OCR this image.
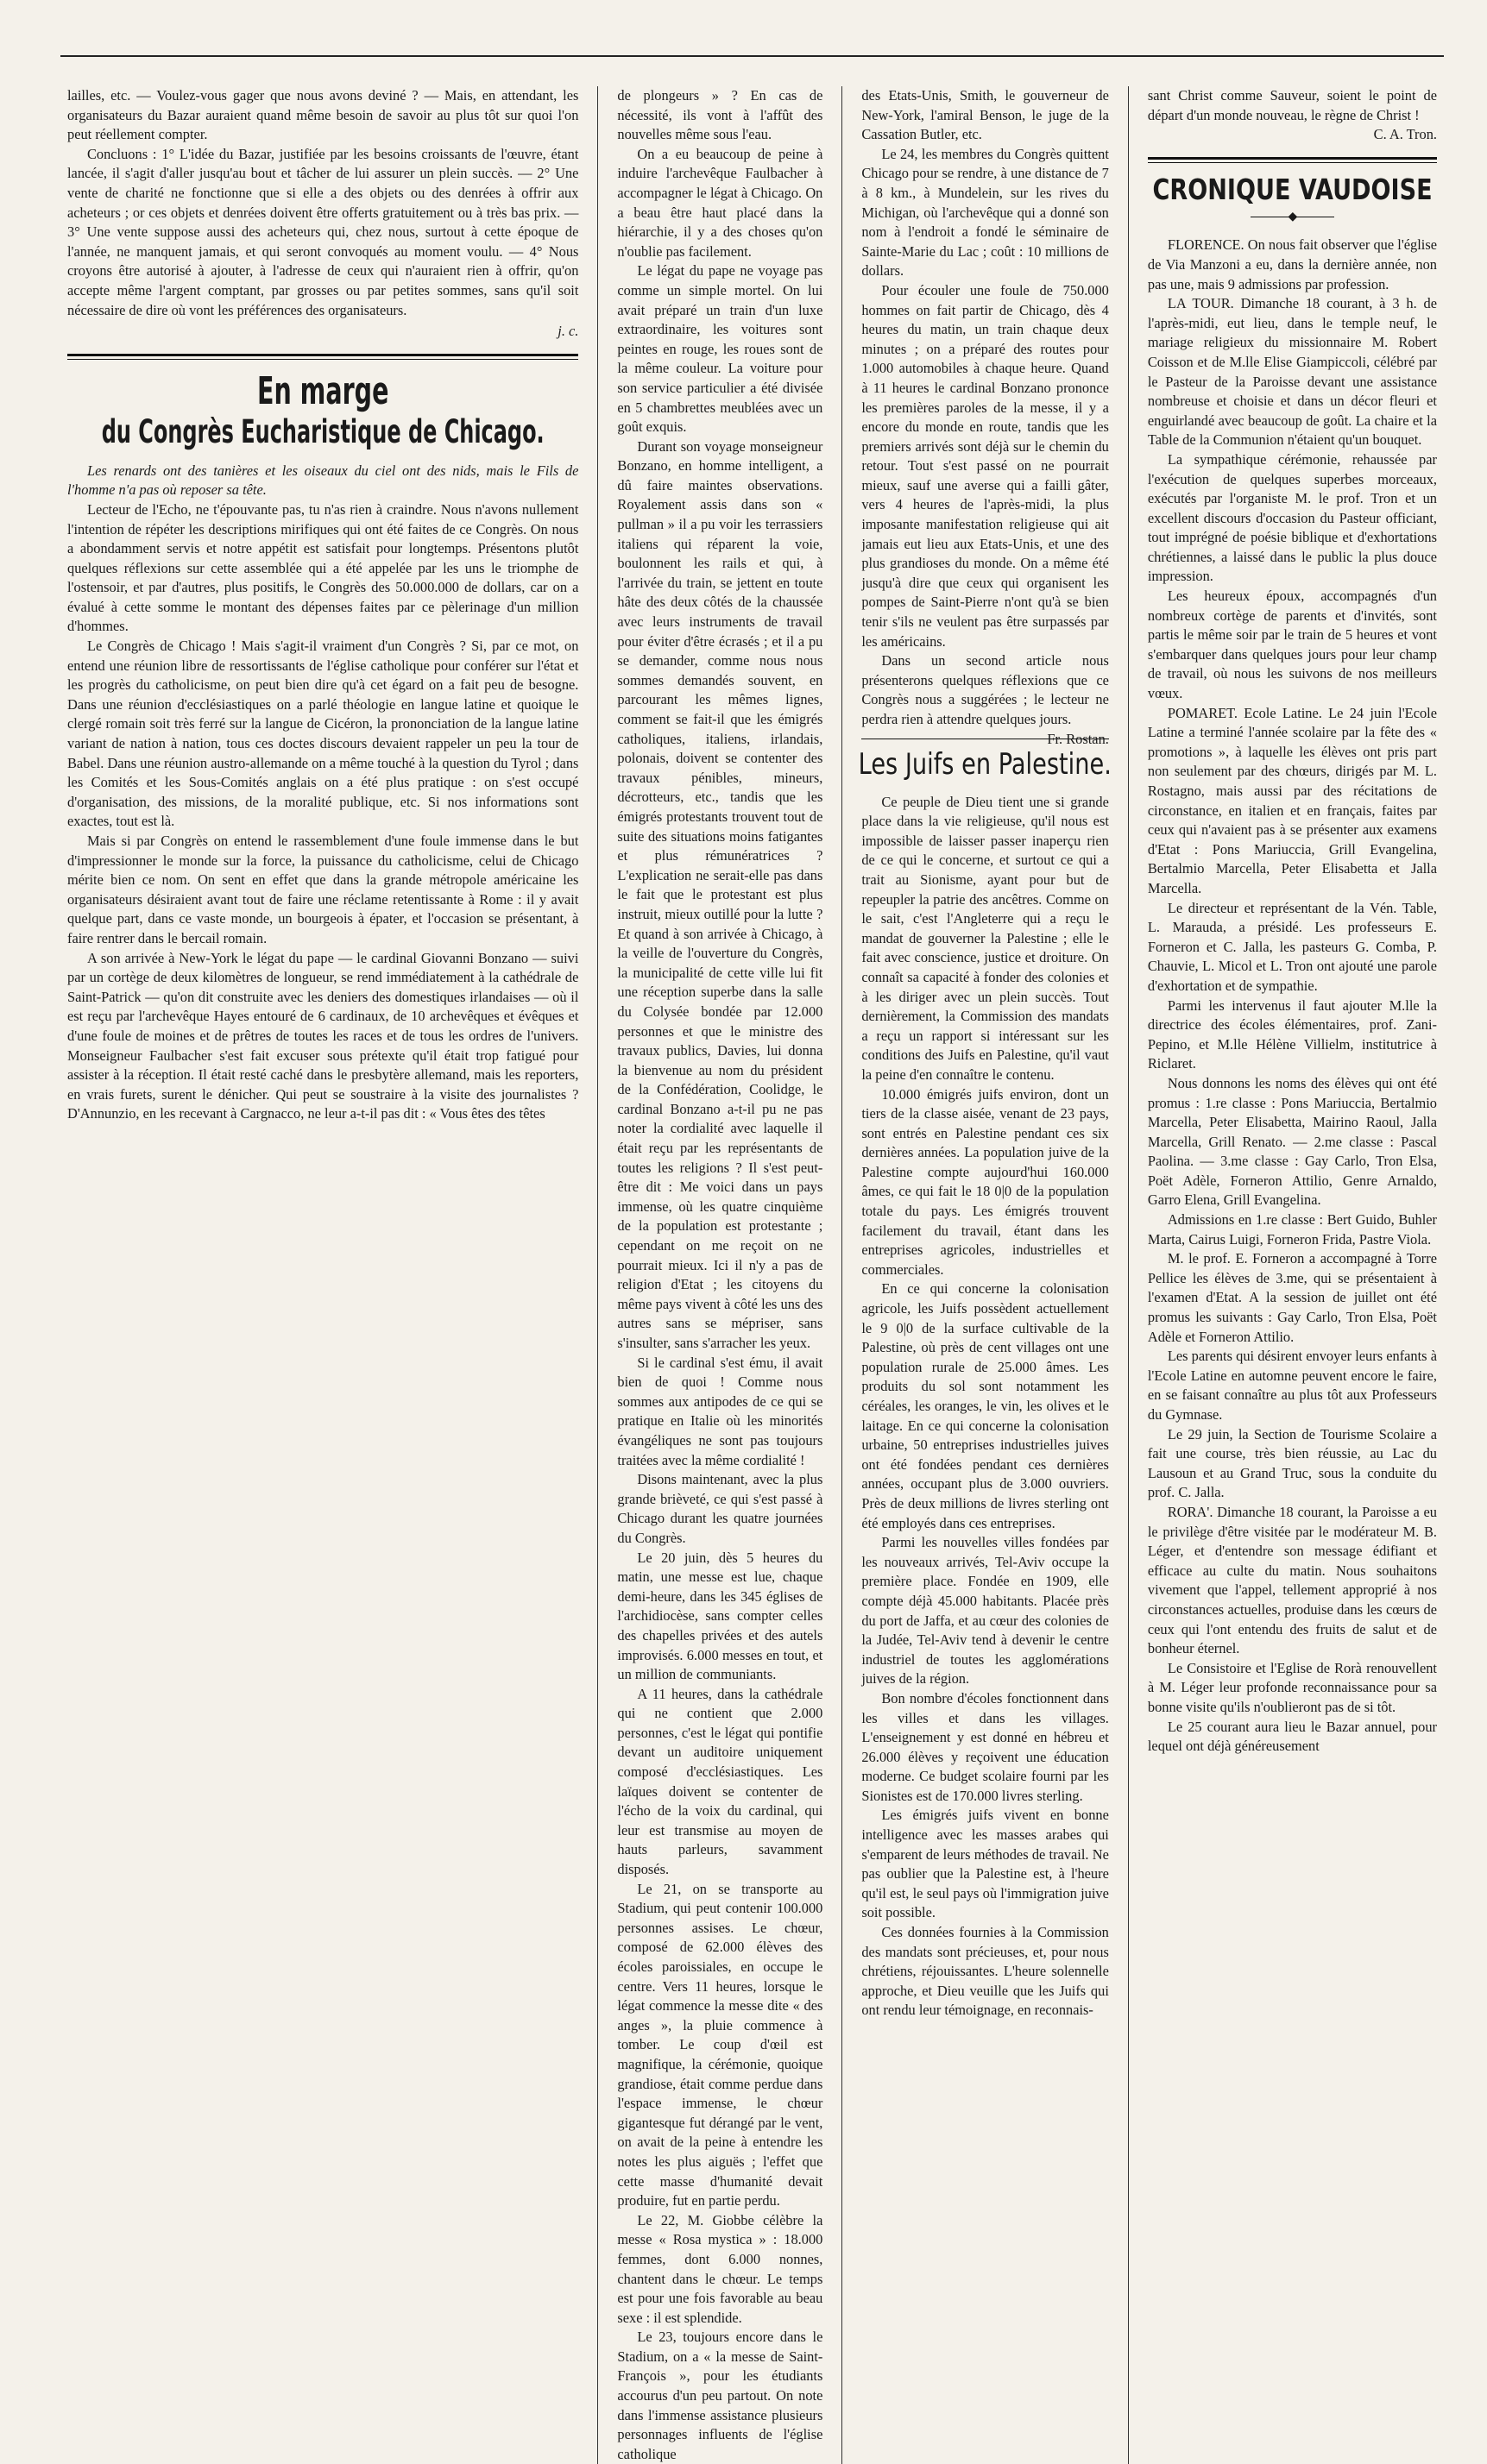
lailles, etc. — Voulez-vous gager que nous avons deviné ? — Mais, en attendant, les organisateurs du Bazar auraient quand même besoin de savoir au plus tôt sur quoi l'on peut réellement compter.

Concluons : 1° L'idée du Bazar, justifiée par les besoins croissants de l'œuvre, étant lancée, il s'agit d'aller jusqu'au bout et tâcher de lui assurer un plein succès. — 2° Une vente de charité ne fonctionne que si elle a des objets ou des denrées à offrir aux acheteurs ; or ces objets et denrées doivent être offerts gratuitement ou à très bas prix. — 3° Une vente suppose aussi des acheteurs qui, chez nous, surtout à cette époque de l'année, ne manquent jamais, et qui seront convoqués au moment voulu. — 4° Nous croyons être autorisé à ajouter, à l'adresse de ceux qui n'auraient rien à offrir, qu'on accepte même l'argent comptant, par grosses ou par petites sommes, sans qu'il soit nécessaire de dire où vont les préférences des organisateurs.

j. c.
En marge
du Congrès Eucharistique de Chicago.

Les renards ont des tanières et les oiseaux du ciel ont des nids, mais le Fils de l'homme n'a pas où reposer sa tête.

Lecteur de l'Echo, ne t'épouvante pas, tu n'as rien à craindre. Nous n'avons nullement l'intention de répéter les descriptions mirifiques qui ont été faites de ce Congrès. On nous a abondamment servis et notre appétit est satisfait pour longtemps. Présentons plutôt quelques réflexions sur cette assemblée qui a été appelée par les uns le triomphe de l'ostensoir, et par d'autres, plus positifs, le Congrès des 50.000.000 de dollars, car on a évalué à cette somme le montant des dépenses faites par ce pèlerinage d'un million d'hommes.

Le Congrès de Chicago ! Mais s'agit-il vraiment d'un Congrès ? Si, par ce mot, on entend une réunion libre de ressortissants de l'église catholique pour conférer sur l'état et les progrès du catholicisme, on peut bien dire qu'à cet égard on a fait peu de besogne. Dans une réunion d'ecclésiastiques on a parlé théologie en langue latine et quoique le clergé romain soit très ferré sur la langue de Cicéron, la prononciation de la langue latine variant de nation à nation, tous ces doctes discours devaient rappeler un peu la tour de Babel. Dans une réunion austro-allemande on a même touché à la question du Tyrol ; dans les Comités et les Sous-Comités anglais on a été plus pratique : on s'est occupé d'organisation, des missions, de la moralité publique, etc. Si nos informations sont exactes, tout est là.

Mais si par Congrès on entend le rassemblement d'une foule immense dans le but d'impressionner le monde sur la force, la puissance du catholicisme, celui de Chicago mérite bien ce nom. On sent en effet que dans la grande métropole américaine les organisateurs désiraient avant tout de faire une réclame retentissante à Rome : il y avait quelque part, dans ce vaste monde, un bourgeois à épater, et l'occasion se présentant, à faire rentrer dans le bercail romain.

A son arrivée à New-York le légat du pape — le cardinal Giovanni Bonzano — suivi par un cortège de deux kilomètres de longueur, se rend immédiatement à la cathédrale de Saint-Patrick — qu'on dit construite avec les deniers des domestiques irlandaises — où il est reçu par l'archevêque Hayes entouré de 6 cardinaux, de 10 archevêques et évêques et d'une foule de moines et de prêtres de toutes les races et de tous les ordres de l'univers. Monseigneur Faulbacher s'est fait excuser sous prétexte qu'il était trop fatigué pour assister à la réception. Il était resté caché dans le presbytère allemand, mais les reporters, en vrais furets, surent le dénicher. Qui peut se soustraire à la visite des journalistes ? D'Annunzio, en les recevant à Cargnacco, ne leur a-t-il pas dit : « Vous êtes des têtes

de plongeurs » ? En cas de nécessité, ils vont à l'affût des nouvelles même sous l'eau.

On a eu beaucoup de peine à induire l'archevêque Faulbacher à accompagner le légat à Chicago. On a beau être haut placé dans la hiérarchie, il y a des choses qu'on n'oublie pas facilement.

Le légat du pape ne voyage pas comme un simple mortel. On lui avait préparé un train d'un luxe extraordinaire, les voitures sont peintes en rouge, les roues sont de la même couleur. La voiture pour son service particulier a été divisée en 5 chambrettes meublées avec un goût exquis.

Durant son voyage monseigneur Bonzano, en homme intelligent, a dû faire maintes observations. Royalement assis dans son « pullman » il a pu voir les terrassiers italiens qui réparent la voie, boulonnent les rails et qui, à l'arrivée du train, se jettent en toute hâte des deux côtés de la chaussée avec leurs instruments de travail pour éviter d'être écrasés ; et il a pu se demander, comme nous nous sommes demandés souvent, en parcourant les mêmes lignes, comment se fait-il que les émigrés catholiques, italiens, irlandais, polonais, doivent se contenter des travaux pénibles, mineurs, décrotteurs, etc., tandis que les émigrés protestants trouvent tout de suite des situations moins fatigantes et plus rémunératrices ? L'explication ne serait-elle pas dans le fait que le protestant est plus instruit, mieux outillé pour la lutte ? Et quand à son arrivée à Chicago, à la veille de l'ouverture du Congrès, la municipalité de cette ville lui fit une réception superbe dans la salle du Colysée bondée par 12.000 personnes et que le ministre des travaux publics, Davies, lui donna la bienvenue au nom du président de la Confédération, Coolidge, le cardinal Bonzano a-t-il pu ne pas noter la cordialité avec laquelle il était reçu par les représentants de toutes les religions ? Il s'est peut-être dit : Me voici dans un pays immense, où les quatre cinquième de la population est protestante ; cependant on me reçoit on ne pourrait mieux. Ici il n'y a pas de religion d'Etat ; les citoyens du même pays vivent à côté les uns des autres sans se mépriser, sans s'insulter, sans s'arracher les yeux.

Si le cardinal s'est ému, il avait bien de quoi ! Comme nous sommes aux antipodes de ce qui se pratique en Italie où les minorités évangéliques ne sont pas toujours traitées avec la même cordialité !

Disons maintenant, avec la plus grande brièveté, ce qui s'est passé à Chicago durant les quatre journées du Congrès.

Le 20 juin, dès 5 heures du matin, une messe est lue, chaque demi-heure, dans les 345 églises de l'archidiocèse, sans compter celles des chapelles privées et des autels improvisés. 6.000 messes en tout, et un million de communiants.

A 11 heures, dans la cathédrale qui ne contient que 2.000 personnes, c'est le légat qui pontifie devant un auditoire uniquement composé d'ecclésiastiques. Les laïques doivent se contenter de l'écho de la voix du cardinal, qui leur est transmise au moyen de hauts parleurs, savamment disposés.

Le 21, on se transporte au Stadium, qui peut contenir 100.000 personnes assises. Le chœur, composé de 62.000 élèves des écoles paroissiales, en occupe le centre. Vers 11 heures, lorsque le légat commence la messe dite « des anges », la pluie commence à tomber. Le coup d'œil est magnifique, la cérémonie, quoique grandiose, était comme perdue dans l'espace immense, le chœur gigantesque fut dérangé par le vent, on avait de la peine à entendre les notes les plus aiguës ; l'effet que cette masse d'humanité devait produire, fut en partie perdu.

Le 22, M. Giobbe célèbre la messe « Rosa mystica » : 18.000 femmes, dont 6.000 nonnes, chantent dans le chœur. Le temps est pour une fois favorable au beau sexe : il est splendide.

Le 23, toujours encore dans le Stadium, on a « la messe de Saint-François », pour les étudiants accourus d'un peu partout. On note dans l'immense assistance plusieurs personnages influents de l'église catholique

des Etats-Unis, Smith, le gouverneur de New-York, l'amiral Benson, le juge de la Cassation Butler, etc.

Le 24, les membres du Congrès quittent Chicago pour se rendre, à une distance de 7 à 8 km., à Mundelein, sur les rives du Michigan, où l'archevêque qui a donné son nom à l'endroit a fondé le séminaire de Sainte-Marie du Lac ; coût : 10 millions de dollars.

Pour écouler une foule de 750.000 hommes on fait partir de Chicago, dès 4 heures du matin, un train chaque deux minutes ; on a préparé des routes pour 1.000 automobiles à chaque heure. Quand à 11 heures le cardinal Bonzano prononce les premières paroles de la messe, il y a encore du monde en route, tandis que les premiers arrivés sont déjà sur le chemin du retour. Tout s'est passé on ne pourrait mieux, sauf une averse qui a failli gâter, vers 4 heures de l'après-midi, la plus imposante manifestation religieuse qui ait jamais eut lieu aux Etats-Unis, et une des plus grandioses du monde. On a même été jusqu'à dire que ceux qui organisent les pompes de Saint-Pierre n'ont qu'à se bien tenir s'ils ne veulent pas être surpassés par les américains.

Dans un second article nous présenterons quelques réflexions que ce Congrès nous a suggérées ; le lecteur ne perdra rien à attendre quelques jours.
Fr. Rostan.

Les Juifs en Palestine.

Ce peuple de Dieu tient une si grande place dans la vie religieuse, qu'il nous est impossible de laisser passer inaperçu rien de ce qui le concerne, et surtout ce qui a trait au Sionisme, ayant pour but de repeupler la patrie des ancêtres. Comme on le sait, c'est l'Angleterre qui a reçu le mandat de gouverner la Palestine ; elle le fait avec conscience, justice et droiture. On connaît sa capacité à fonder des colonies et à les diriger avec un plein succès. Tout dernièrement, la Commission des mandats a reçu un rapport si intéressant sur les conditions des Juifs en Palestine, qu'il vaut la peine d'en connaître le contenu.

10.000 émigrés juifs environ, dont un tiers de la classe aisée, venant de 23 pays, sont entrés en Palestine pendant ces six dernières années. La population juive de la Palestine compte aujourd'hui 160.000 âmes, ce qui fait le 18 0|0 de la population totale du pays. Les émigrés trouvent facilement du travail, étant dans les entreprises agricoles, industrielles et commerciales.

En ce qui concerne la colonisation agricole, les Juifs possèdent actuellement le 9 0|0 de la surface cultivable de la Palestine, où près de cent villages ont une population rurale de 25.000 âmes. Les produits du sol sont notamment les céréales, les oranges, le vin, les olives et le laitage. En ce qui concerne la colonisation urbaine, 50 entreprises industrielles juives ont été fondées pendant ces dernières années, occupant plus de 3.000 ouvriers. Près de deux millions de livres sterling ont été employés dans ces entreprises.

Parmi les nouvelles villes fondées par les nouveaux arrivés, Tel-Aviv occupe la première place. Fondée en 1909, elle compte déjà 45.000 habitants. Placée près du port de Jaffa, et au cœur des colonies de la Judée, Tel-Aviv tend à devenir le centre industriel de toutes les agglomérations juives de la région.

Bon nombre d'écoles fonctionnent dans les villes et dans les villages. L'enseignement y est donné en hébreu et 26.000 élèves y reçoivent une éducation moderne. Ce budget scolaire fourni par les Sionistes est de 170.000 livres sterling.

Les émigrés juifs vivent en bonne intelligence avec les masses arabes qui s'emparent de leurs méthodes de travail. Ne pas oublier que la Palestine est, à l'heure qu'il est, le seul pays où l'immigration juive soit possible.

Ces données fournies à la Commission des mandats sont précieuses, et, pour nous chrétiens, réjouissantes. L'heure solennelle approche, et Dieu veuille que les Juifs qui ont rendu leur témoignage, en reconnais-

sant Christ comme Sauveur, soient le point de départ d'un monde nouveau, le règne de Christ !
C. A. Tron.

CRONIQUE VAUDOISE
◆

FLORENCE. On nous fait observer que l'église de Via Manzoni a eu, dans la dernière année, non pas une, mais 9 admissions par profession.

LA TOUR. Dimanche 18 courant, à 3 h. de l'après-midi, eut lieu, dans le temple neuf, le mariage religieux du missionnaire M. Robert Coisson et de M.lle Elise Giampiccoli, célébré par le Pasteur de la Paroisse devant une assistance nombreuse et choisie et dans un décor fleuri et enguirlandé avec beaucoup de goût. La chaire et la Table de la Communion n'étaient qu'un bouquet.

La sympathique cérémonie, rehaussée par l'exécution de quelques superbes morceaux, exécutés par l'organiste M. le prof. Tron et un excellent discours d'occasion du Pasteur officiant, tout imprégné de poésie biblique et d'exhortations chrétiennes, a laissé dans le public la plus douce impression.

Les heureux époux, accompagnés d'un nombreux cortège de parents et d'invités, sont partis le même soir par le train de 5 heures et vont s'embarquer dans quelques jours pour leur champ de travail, où nous les suivons de nos meilleurs vœux.

POMARET. Ecole Latine. Le 24 juin l'Ecole Latine a terminé l'année scolaire par la fête des « promotions », à laquelle les élèves ont pris part non seulement par des chœurs, dirigés par M. L. Rostagno, mais aussi par des récitations de circonstance, en italien et en français, faites par ceux qui n'avaient pas à se présenter aux examens d'Etat : Pons Mariuccia, Grill Evangelina, Bertalmio Marcella, Peter Elisabetta et Jalla Marcella.

Le directeur et représentant de la Vén. Table, L. Marauda, a présidé. Les professeurs E. Forneron et C. Jalla, les pasteurs G. Comba, P. Chauvie, L. Micol et L. Tron ont ajouté une parole d'exhortation et de sympathie.

Parmi les intervenus il faut ajouter M.lle la directrice des écoles élémentaires, prof. Zani-Pepino, et M.lle Hélène Villielm, institutrice à Riclaret.

Nous donnons les noms des élèves qui ont été promus : 1.re classe : Pons Mariuccia, Bertalmio Marcella, Peter Elisabetta, Mairino Raoul, Jalla Marcella, Grill Renato. — 2.me classe : Pascal Paolina. — 3.me classe : Gay Carlo, Tron Elsa, Poët Adèle, Forneron Attilio, Genre Arnaldo, Garro Elena, Grill Evangelina.

Admissions en 1.re classe : Bert Guido, Buhler Marta, Cairus Luigi, Forneron Frida, Pastre Viola.

M. le prof. E. Forneron a accompagné à Torre Pellice les élèves de 3.me, qui se présentaient à l'examen d'Etat. A la session de juillet ont été promus les suivants : Gay Carlo, Tron Elsa, Poët Adèle et Forneron Attilio.

Les parents qui désirent envoyer leurs enfants à l'Ecole Latine en automne peuvent encore le faire, en se faisant connaître au plus tôt aux Professeurs du Gymnase.

Le 29 juin, la Section de Tourisme Scolaire a fait une course, très bien réussie, au Lac du Lausoun et au Grand Truc, sous la conduite du prof. C. Jalla.

RORA'. Dimanche 18 courant, la Paroisse a eu le privilège d'être visitée par le modérateur M. B. Léger, et d'entendre son message édifiant et efficace au culte du matin. Nous souhaitons vivement que l'appel, tellement approprié à nos circonstances actuelles, produise dans les cœurs de ceux qui l'ont entendu des fruits de salut et de bonheur éternel.

Le Consistoire et l'Eglise de Rorà renouvellent à M. Léger leur profonde reconnaissance pour sa bonne visite qu'ils n'oublieront pas de si tôt.

Le 25 courant aura lieu le Bazar annuel, pour lequel ont déjà généreusement
